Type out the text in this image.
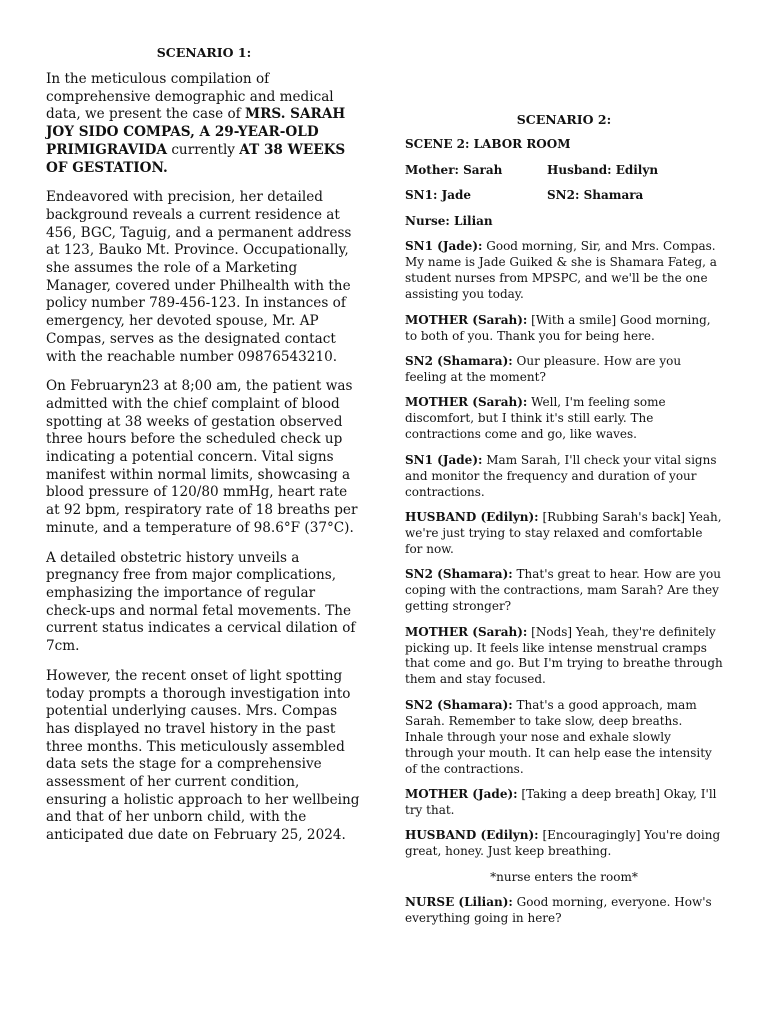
SCENARIO 1:

In the meticulous compilation of comprehensive demographic and medical data, we present the case of MRS. SARAH JOY SIDO COMPAS, A 29-YEAR-OLD PRIMIGRAVIDA currently AT 38 WEEKS OF GESTATION.

Endeavored with precision, her detailed background reveals a current residence at 456, BGC, Taguig, and a permanent address at 123, Bauko Mt. Province. Occupationally, she assumes the role of a Marketing Manager, covered under Philhealth with the policy number 789-456-123. In instances of emergency, her devoted spouse, Mr. AP Compas, serves as the designated contact with the reachable number 09876543210.

On Februaryn23 at 8;00 am, the patient was admitted with the chief complaint of blood spotting at 38 weeks of gestation observed three hours before the scheduled check up indicating a potential concern. Vital signs manifest within normal limits, showcasing a blood pressure of 120/80 mmHg, heart rate at 92 bpm, respiratory rate of 18 breaths per minute, and a temperature of 98.6°F (37°C).

A detailed obstetric history unveils a pregnancy free from major complications, emphasizing the importance of regular check-ups and normal fetal movements. The current status indicates a cervical dilation of 7cm.

However, the recent onset of light spotting today prompts a thorough investigation into potential underlying causes. Mrs. Compas has displayed no travel history in the past three months. This meticulously assembled data sets the stage for a comprehensive assessment of her current condition, ensuring a holistic approach to her wellbeing and that of her unborn child, with the anticipated due date on February 25, 2024.

SCENARIO 2:
SCENE 2: LABOR ROOM
Mother: Sarah	Husband: Edilyn
SN1: Jade	SN2: Shamara
Nurse: Lilian

SN1 (Jade): Good morning, Sir, and Mrs. Compas. My name is Jade Guiked & she is Shamara Fateg, a student nurses from MPSPC, and we'll be the one assisting you today.

MOTHER (Sarah): [With a smile] Good morning, to both of you. Thank you for being here.

SN2 (Shamara): Our pleasure. How are you feeling at the moment?

MOTHER (Sarah): Well, I'm feeling some discomfort, but I think it's still early. The contractions come and go, like waves.

SN1 (Jade): Mam Sarah, I'll check your vital signs and monitor the frequency and duration of your contractions.

HUSBAND (Edilyn): [Rubbing Sarah's back] Yeah, we're just trying to stay relaxed and comfortable for now.

SN2 (Shamara): That's great to hear. How are you coping with the contractions, mam Sarah? Are they getting stronger?

MOTHER (Sarah): [Nods] Yeah, they're definitely picking up. It feels like intense menstrual cramps that come and go. But I'm trying to breathe through them and stay focused.

SN2 (Shamara): That's a good approach, mam Sarah. Remember to take slow, deep breaths. Inhale through your nose and exhale slowly through your mouth. It can help ease the intensity of the contractions.

MOTHER (Jade): [Taking a deep breath] Okay, I'll try that.

HUSBAND (Edilyn): [Encouragingly] You're doing great, honey. Just keep breathing.

*nurse enters the room*

NURSE (Lilian): Good morning, everyone. How's everything going in here?
